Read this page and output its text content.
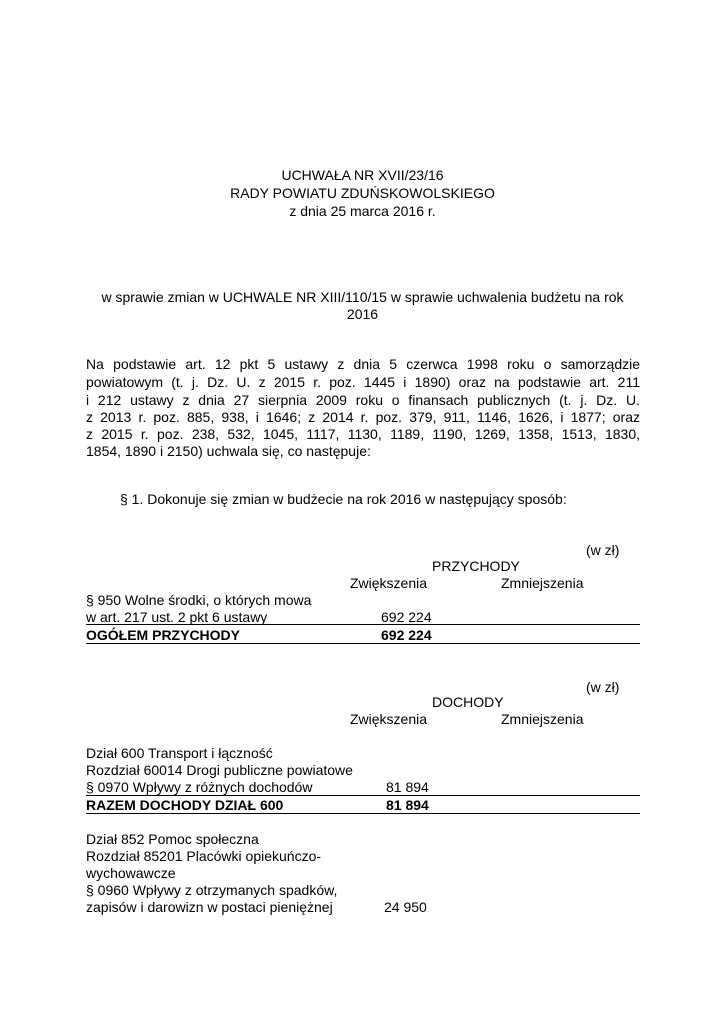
UCHWAŁA NR XVII/23/16
RADY POWIATU ZDUŃSKOWOLSKIEGO
z dnia 25 marca 2016 r.
w sprawie zmian w UCHWALE NR XIII/110/15 w sprawie uchwalenia budżetu na rok
2016
Na podstawie art. 12 pkt 5 ustawy z dnia 5 czerwca 1998 roku o samorządzie
powiatowym (t. j. Dz. U. z 2015 r. poz. 1445 i 1890) oraz na podstawie art. 211
i 212 ustawy z dnia 27 sierpnia 2009 roku o finansach publicznych (t. j. Dz. U.
z 2013 r. poz. 885, 938, i 1646; z 2014 r. poz. 379, 911, 1146, 1626, i 1877; oraz
z 2015 r. poz. 238, 532, 1045, 1117, 1130, 1189, 1190, 1269, 1358, 1513, 1830,
1854, 1890 i 2150) uchwala się, co następuje:
§ 1. Dokonuje się zmian w budżecie na rok 2016 w następujący sposób:
(w zł)
PRZYCHODY
Zwiększenia	Zmniejszenia
§ 950 Wolne środki, o których mowa
w art. 217 ust. 2 pkt 6 ustawy	692 224
OGÓŁEM PRZYCHODY	692 224
(w zł)
DOCHODY
Zwiększenia	Zmniejszenia
Dział 600 Transport i łączność
Rozdział 60014 Drogi publiczne powiatowe
§ 0970 Wpływy z różnych dochodów	81 894
RAZEM DOCHODY DZIAŁ 600	81 894
Dział 852 Pomoc społeczna
Rozdział 85201 Placówki opiekuńczo-
wychowawcze
§ 0960 Wpływy z otrzymanych spadków,
zapisów i darowizn w postaci pieniężnej	24 950
